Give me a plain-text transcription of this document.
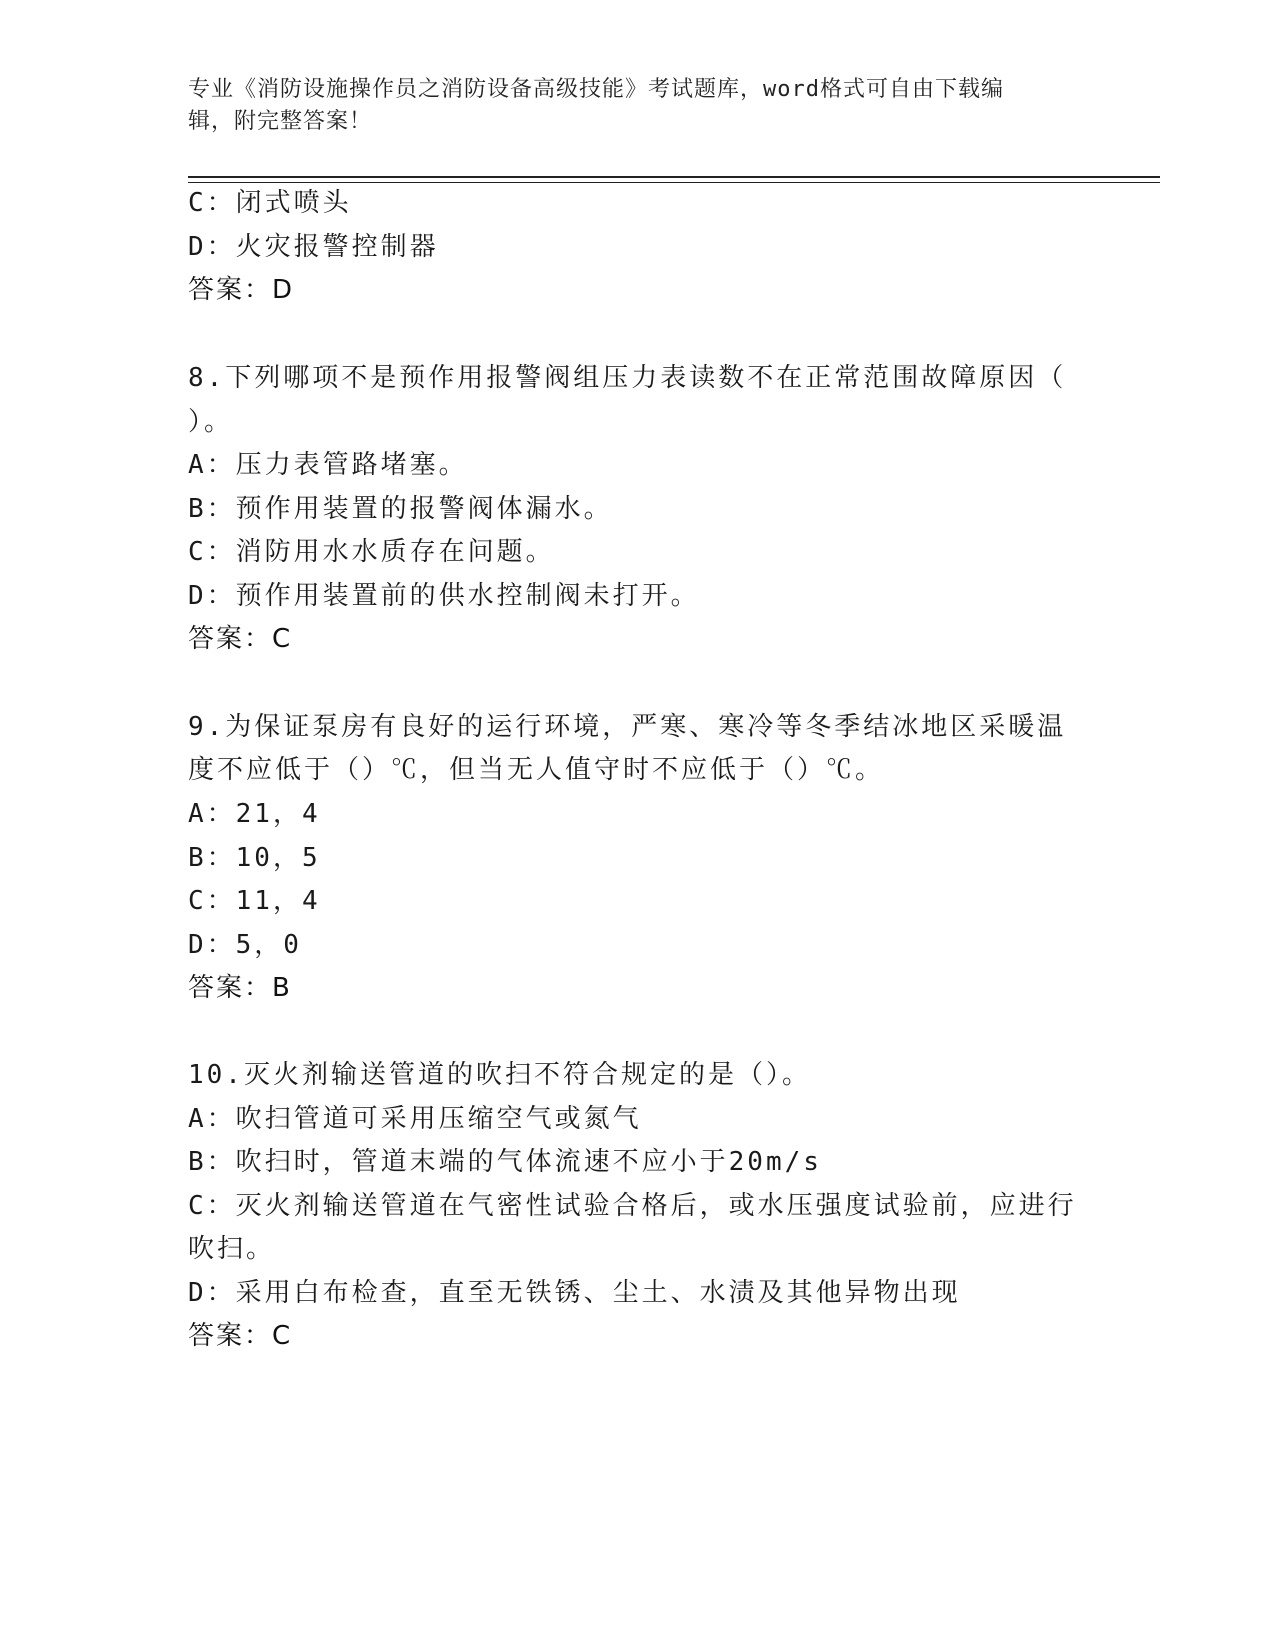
专业《消防设施操作员之消防设备高级技能》考试题库，word格式可自由下载编
辑，附完整答案！
C：闭式喷头
D：火灾报警控制器
答案：D
8.下列哪项不是预作用报警阀组压力表读数不在正常范围故障原因（
）。
A：压力表管路堵塞。
B：预作用装置的报警阀体漏水。
C：消防用水水质存在问题。
D：预作用装置前的供水控制阀未打开。
答案：C
9.为保证泵房有良好的运行环境，严寒、寒冷等冬季结冰地区采暖温
度不应低于（）℃，但当无人值守时不应低于（）℃。
A：21，4
B：10，5
C：11，4
D：5，0
答案：B
10.灭火剂输送管道的吹扫不符合规定的是（）。
A：吹扫管道可采用压缩空气或氮气
B：吹扫时，管道末端的气体流速不应小于20m/s
C：灭火剂输送管道在气密性试验合格后，或水压强度试验前，应进行
吹扫。
D：采用白布检查，直至无铁锈、尘土、水渍及其他异物出现
答案：C
